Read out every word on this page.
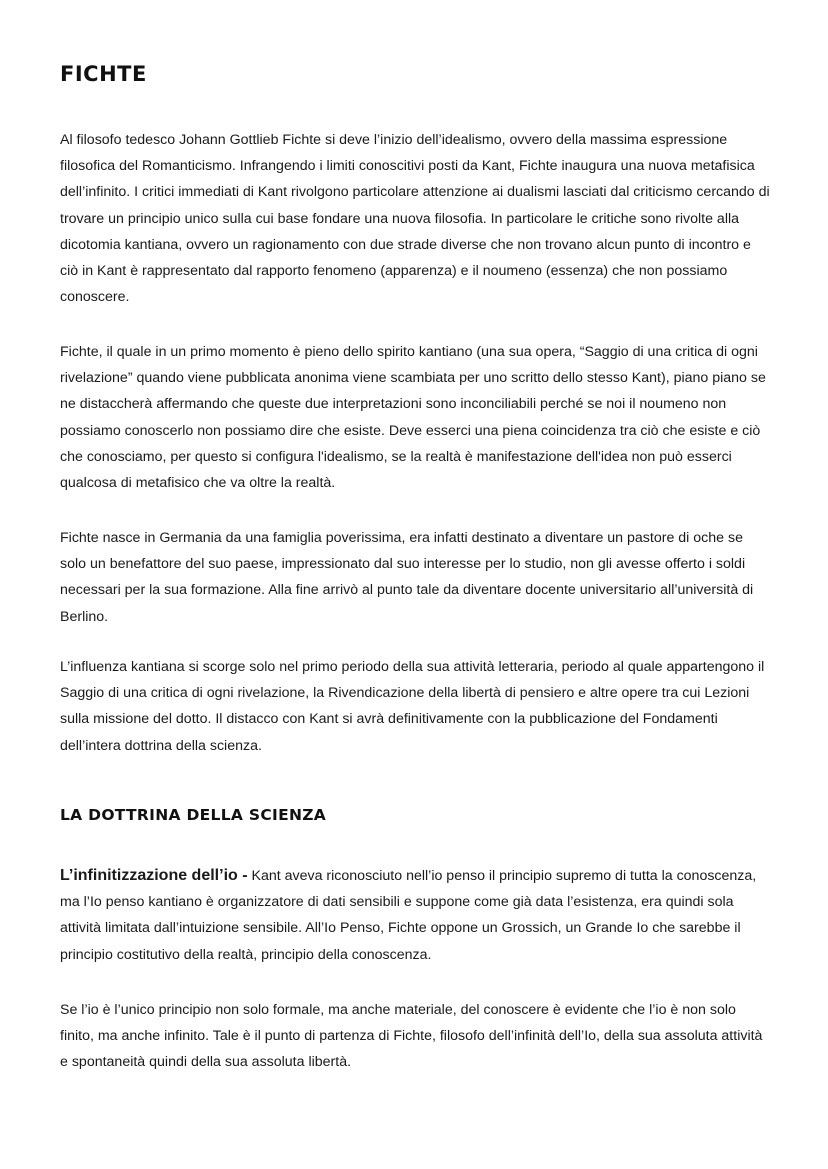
FICHTE

Al filosofo tedesco Johann Gottlieb Fichte si deve l’inizio dell’idealismo, ovvero della massima espressione filosofica del Romanticismo. Infrangendo i limiti conoscitivi posti da Kant, Fichte inaugura una nuova metafisica dell’infinito. I critici immediati di Kant rivolgono particolare attenzione ai dualismi lasciati dal criticismo cercando di trovare un principio unico sulla cui base fondare una nuova filosofia. In particolare le critiche sono rivolte alla dicotomia kantiana, ovvero un ragionamento con due strade diverse che non trovano alcun punto di incontro e ciò in Kant è rappresentato dal rapporto fenomeno (apparenza) e il noumeno (essenza) che non possiamo conoscere.

Fichte, il quale in un primo momento è pieno dello spirito kantiano (una sua opera, “Saggio di una critica di ogni rivelazione” quando viene pubblicata anonima viene scambiata per uno scritto dello stesso Kant), piano piano se ne distaccherà affermando che queste due interpretazioni sono inconciliabili perché se noi il noumeno non possiamo conoscerlo non possiamo dire che esiste. Deve esserci una piena coincidenza tra ciò che esiste e ciò che conosciamo, per questo si configura l'idealismo, se la realtà è manifestazione dell'idea non può esserci qualcosa di metafisico che va oltre la realtà.

Fichte nasce in Germania da una famiglia poverissima, era infatti destinato a diventare un pastore di oche se solo un benefattore del suo paese, impressionato dal suo interesse per lo studio, non gli avesse offerto i soldi necessari per la sua formazione. Alla fine arrivò al punto tale da diventare docente universitario all’università di Berlino.

L’influenza kantiana si scorge solo nel primo periodo della sua attività letteraria, periodo al quale appartengono il Saggio di una critica di ogni rivelazione, la Rivendicazione della libertà di pensiero e altre opere tra cui Lezioni sulla missione del dotto. Il distacco con Kant si avrà definitivamente con la pubblicazione del Fondamenti dell’intera dottrina della scienza.

LA DOTTRINA DELLA SCIENZA

L’infinitizzazione dell’io - Kant aveva riconosciuto nell’io penso il principio supremo di tutta la conoscenza, ma l’Io penso kantiano è organizzatore di dati sensibili e suppone come già data l’esistenza, era quindi sola attività limitata dall’intuizione sensibile. All’Io Penso, Fichte oppone un Grossich, un Grande Io che sarebbe il principio costitutivo della realtà, principio della conoscenza.

Se l’io è l’unico principio non solo formale, ma anche materiale, del conoscere è evidente che l’io è non solo finito, ma anche infinito. Tale è il punto di partenza di Fichte, filosofo dell’infinità dell’Io, della sua assoluta attività e spontaneità quindi della sua assoluta libertà.
